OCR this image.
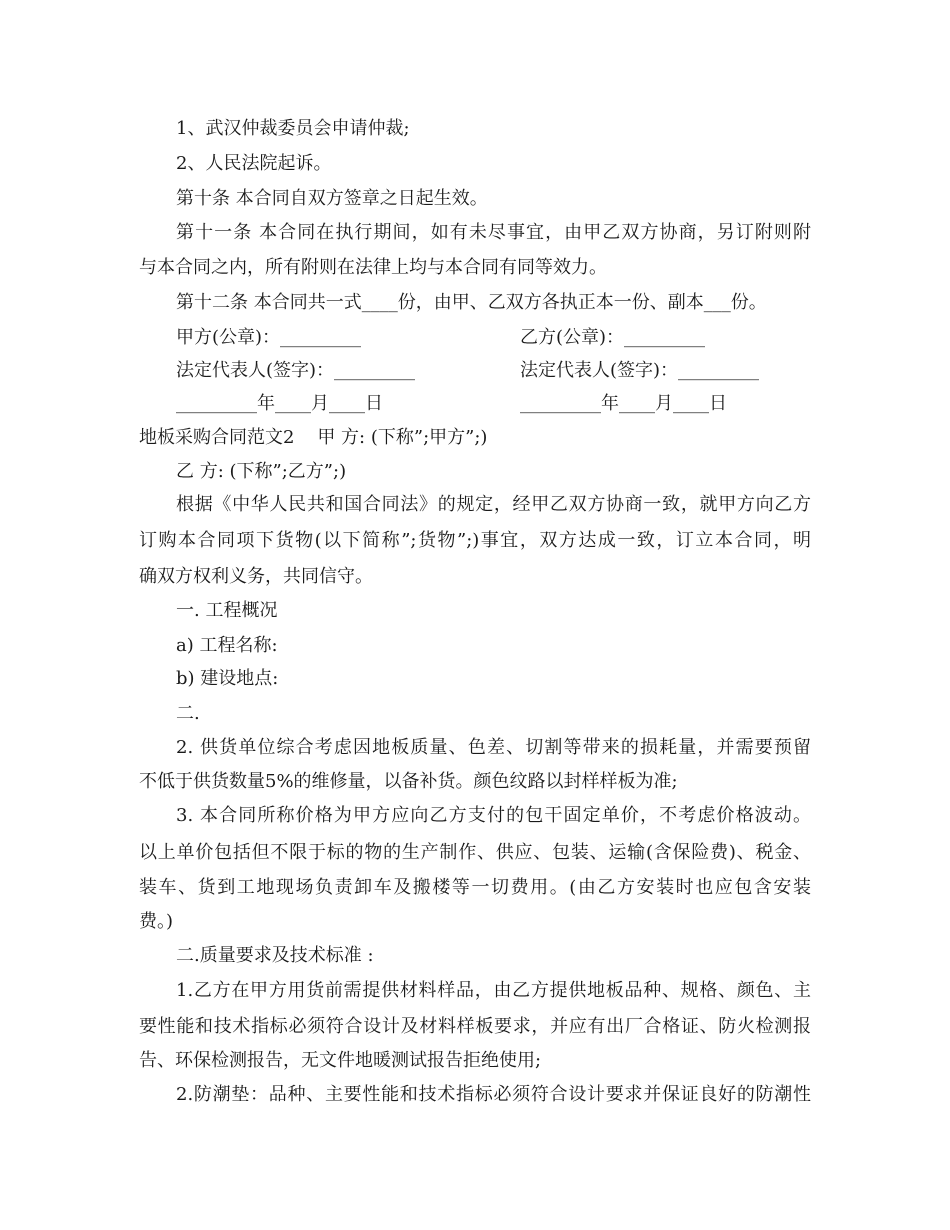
1、武汉仲裁委员会申请仲裁;
2、人民法院起诉。
第十条 本合同自双方签章之日起生效。
第十一条 本合同在执行期间，如有未尽事宜，由甲乙双方协商，另订附则附
与本合同之内，所有附则在法律上均与本合同有同等效力。
第十二条 本合同共一式____份，由甲、乙双方各执正本一份、副本___份。
甲方(公章)：_________	乙方(公章)：_________
法定代表人(签字)：_________	法定代表人(签字)：_________
_________年____月____日	_________年____月____日
地板采购合同范文2    甲 方: (下称”;甲方”;)
乙 方: (下称”;乙方”;)
根据《中华人民共和国合同法》的规定，经甲乙双方协商一致，就甲方向乙方
订购本合同项下货物(以下简称”;货物”;)事宜，双方达成一致，订立本合同，明
确双方权利义务，共同信守。
一. 工程概况
a) 工程名称:
b) 建设地点:
二.
2. 供货单位综合考虑因地板质量、色差、切割等带来的损耗量，并需要预留
不低于供货数量5%的维修量，以备补货。颜色纹路以封样样板为准;
3. 本合同所称价格为甲方应向乙方支付的包干固定单价，不考虑价格波动。
以上单价包括但不限于标的物的生产制作、供应、包装、运输(含保险费)、税金、
装车、货到工地现场负责卸车及搬楼等一切费用。(由乙方安装时也应包含安装
费。)
二.质量要求及技术标准 :
1.乙方在甲方用货前需提供材料样品，由乙方提供地板品种、规格、颜色、主
要性能和技术指标必须符合设计及材料样板要求，并应有出厂合格证、防火检测报
告、环保检测报告，无文件地暖测试报告拒绝使用;
2.防潮垫：品种、主要性能和技术指标必须符合设计要求并保证良好的防潮性
